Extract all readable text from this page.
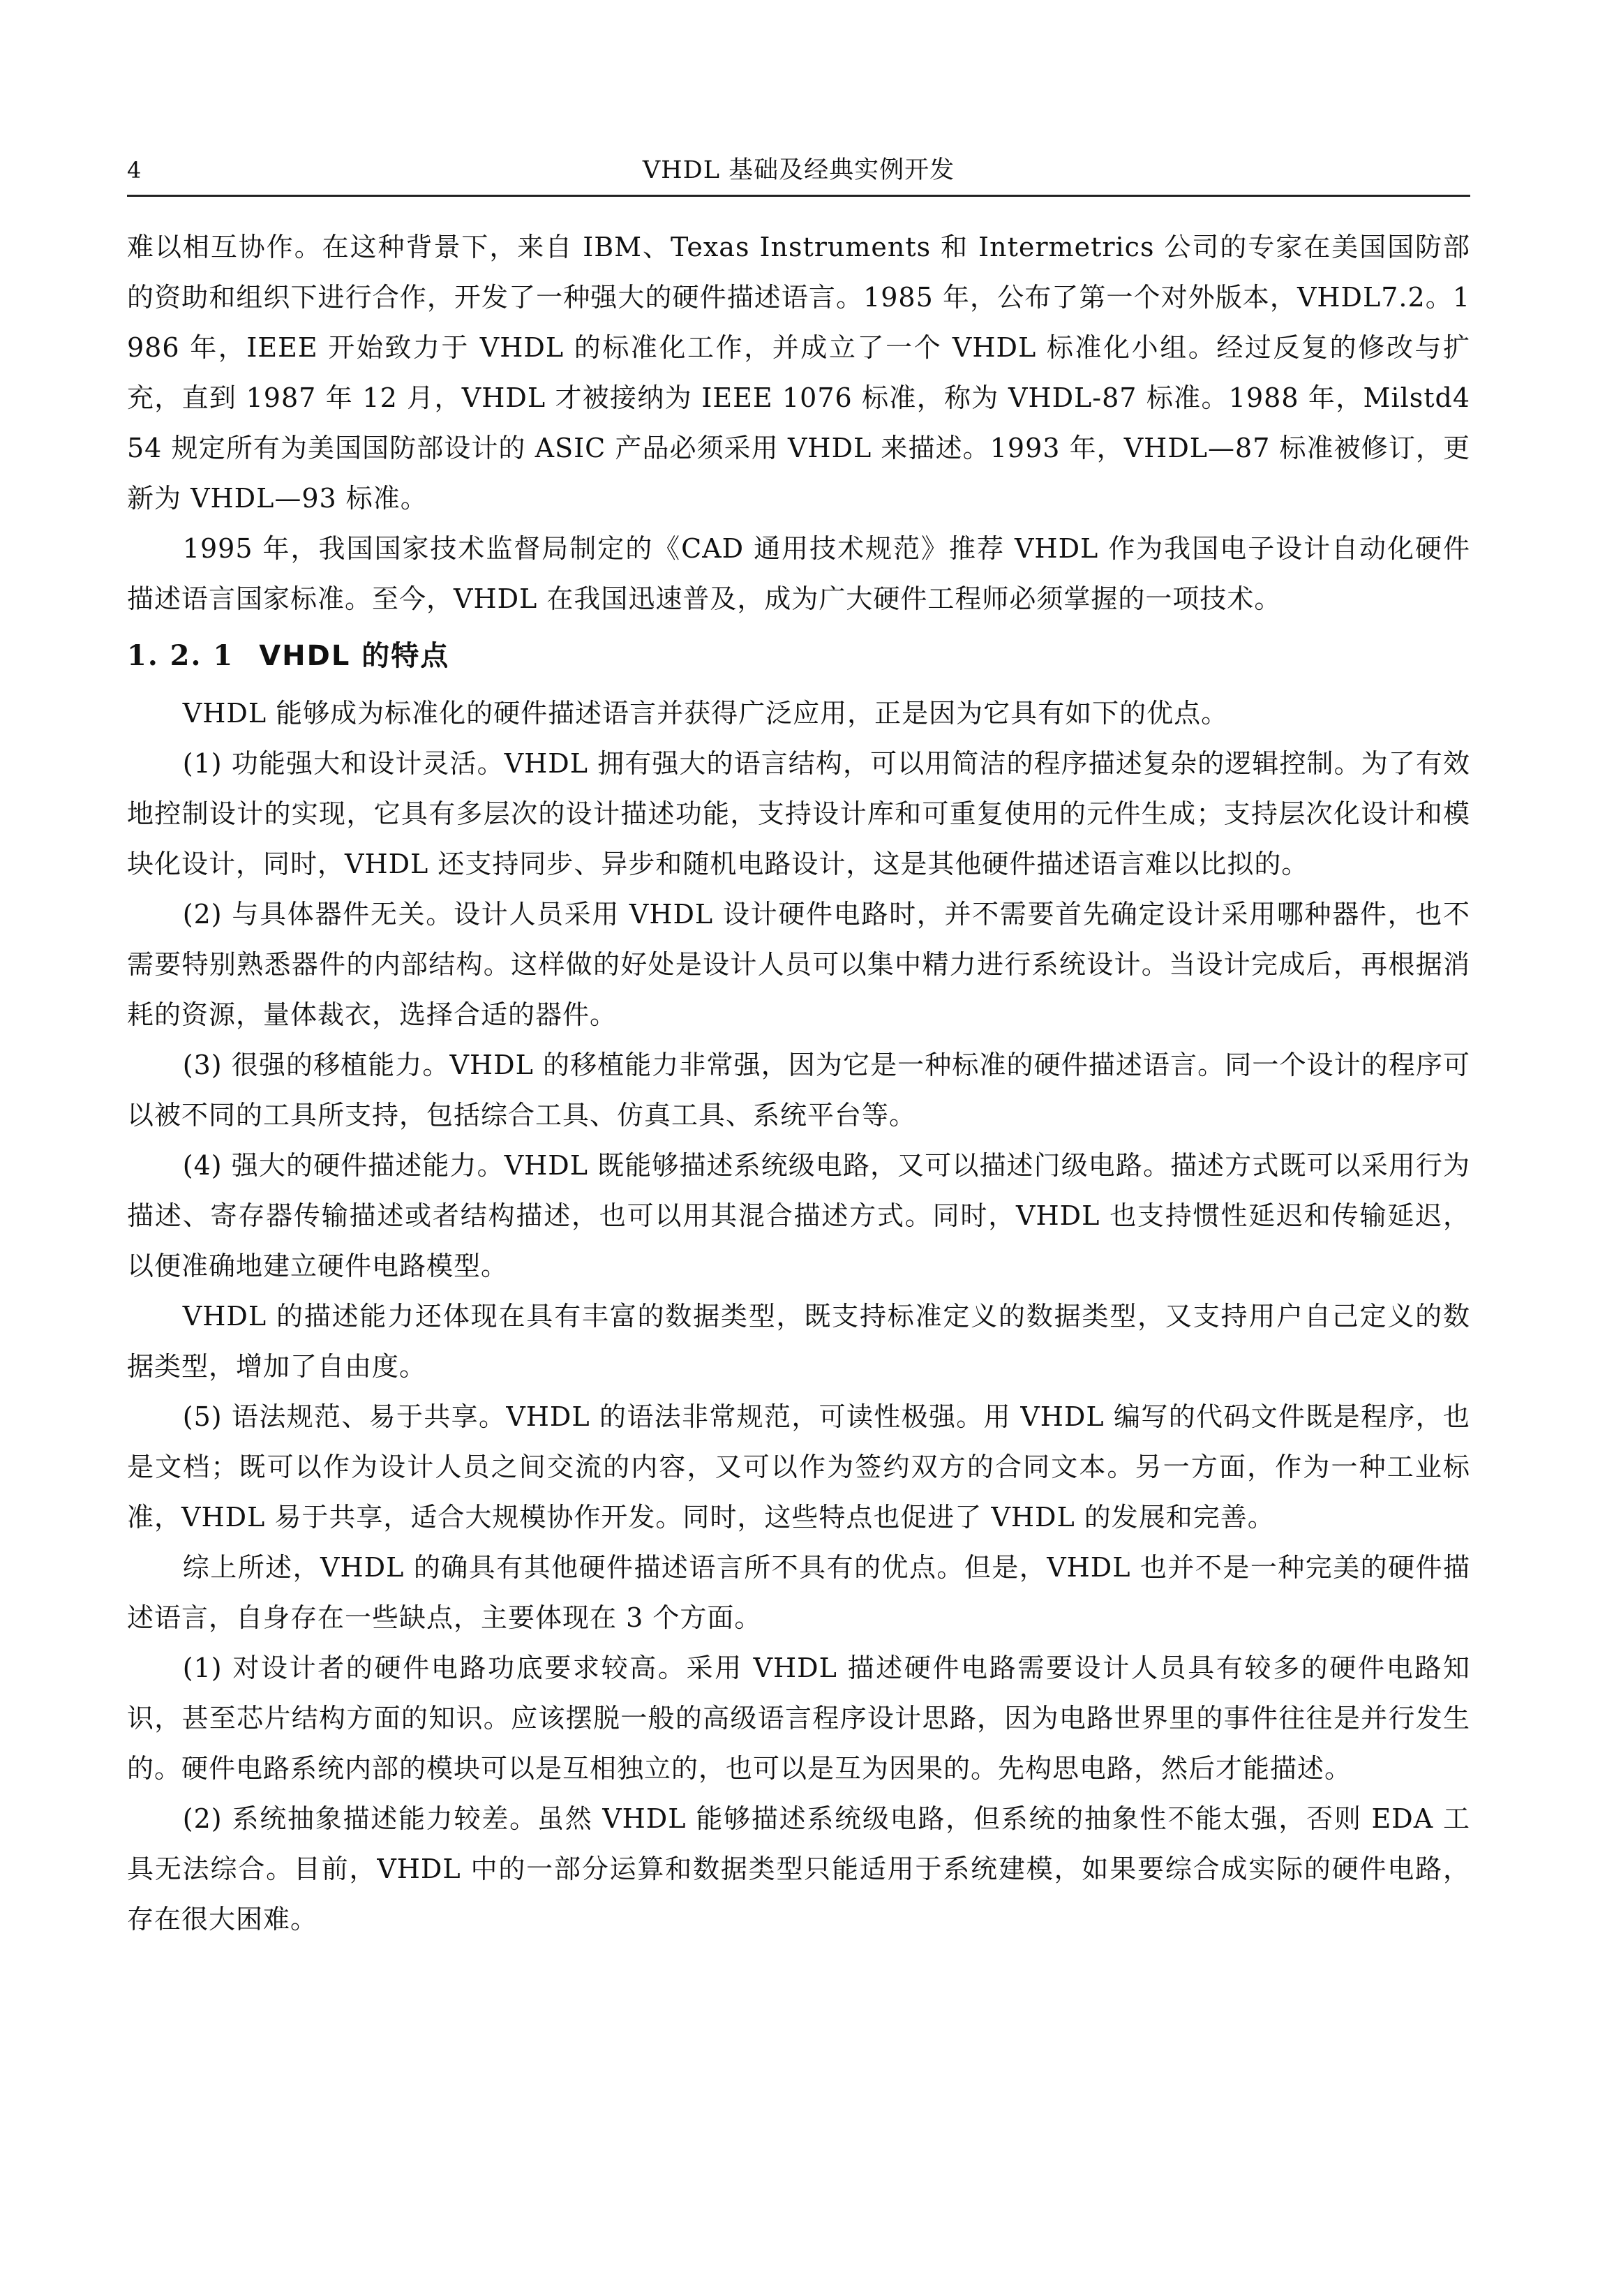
4	VHDL 基础及经典实例开发

难以相互协作。在这种背景下，来自 IBM、Texas Instruments 和 Intermetrics 公司的专家在美国国防部的资助和组织下进行合作，开发了一种强大的硬件描述语言。1985 年，公布了第一个对外版本，VHDL7.2。1986 年，IEEE 开始致力于 VHDL 的标准化工作，并成立了一个 VHDL 标准化小组。经过反复的修改与扩充，直到 1987 年 12 月，VHDL 才被接纳为 IEEE 1076 标准，称为 VHDL-87 标准。1988 年，Milstd454 规定所有为美国国防部设计的 ASIC 产品必须采用 VHDL 来描述。1993 年，VHDL—87 标准被修订，更新为 VHDL—93 标准。

1995 年，我国国家技术监督局制定的《CAD 通用技术规范》推荐 VHDL 作为我国电子设计自动化硬件描述语言国家标准。至今，VHDL 在我国迅速普及，成为广大硬件工程师必须掌握的一项技术。

1. 2. 1 VHDL 的特点

VHDL 能够成为标准化的硬件描述语言并获得广泛应用，正是因为它具有如下的优点。

(1) 功能强大和设计灵活。VHDL 拥有强大的语言结构，可以用简洁的程序描述复杂的逻辑控制。为了有效地控制设计的实现，它具有多层次的设计描述功能，支持设计库和可重复使用的元件生成；支持层次化设计和模块化设计，同时，VHDL 还支持同步、异步和随机电路设计，这是其他硬件描述语言难以比拟的。

(2) 与具体器件无关。设计人员采用 VHDL 设计硬件电路时，并不需要首先确定设计采用哪种器件，也不需要特别熟悉器件的内部结构。这样做的好处是设计人员可以集中精力进行系统设计。当设计完成后，再根据消耗的资源，量体裁衣，选择合适的器件。

(3) 很强的移植能力。VHDL 的移植能力非常强，因为它是一种标准的硬件描述语言。同一个设计的程序可以被不同的工具所支持，包括综合工具、仿真工具、系统平台等。

(4) 强大的硬件描述能力。VHDL 既能够描述系统级电路，又可以描述门级电路。描述方式既可以采用行为描述、寄存器传输描述或者结构描述，也可以用其混合描述方式。同时，VHDL 也支持惯性延迟和传输延迟，以便准确地建立硬件电路模型。

VHDL 的描述能力还体现在具有丰富的数据类型，既支持标准定义的数据类型，又支持用户自己定义的数据类型，增加了自由度。

(5) 语法规范、易于共享。VHDL 的语法非常规范，可读性极强。用 VHDL 编写的代码文件既是程序，也是文档；既可以作为设计人员之间交流的内容，又可以作为签约双方的合同文本。另一方面，作为一种工业标准，VHDL 易于共享，适合大规模协作开发。同时，这些特点也促进了 VHDL 的发展和完善。

综上所述，VHDL 的确具有其他硬件描述语言所不具有的优点。但是，VHDL 也并不是一种完美的硬件描述语言，自身存在一些缺点，主要体现在 3 个方面。

(1) 对设计者的硬件电路功底要求较高。采用 VHDL 描述硬件电路需要设计人员具有较多的硬件电路知识，甚至芯片结构方面的知识。应该摆脱一般的高级语言程序设计思路，因为电路世界里的事件往往是并行发生的。硬件电路系统内部的模块可以是互相独立的，也可以是互为因果的。先构思电路，然后才能描述。

(2) 系统抽象描述能力较差。虽然 VHDL 能够描述系统级电路，但系统的抽象性不能太强，否则 EDA 工具无法综合。目前，VHDL 中的一部分运算和数据类型只能适用于系统建模，如果要综合成实际的硬件电路，存在很大困难。
